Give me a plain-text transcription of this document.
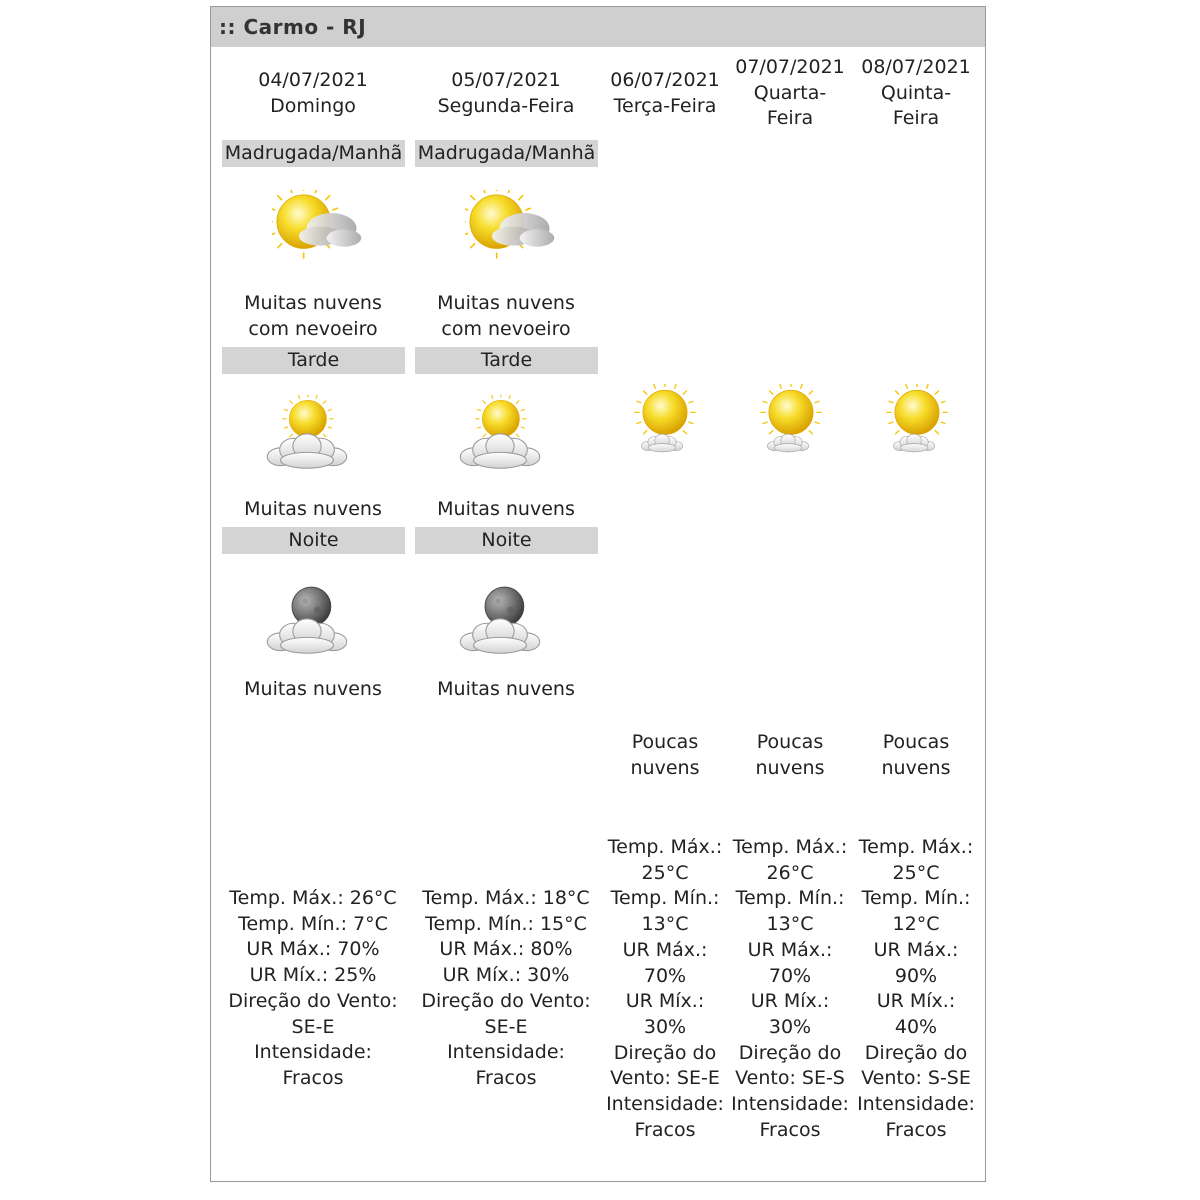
:: Carmo - RJ
04/07/2021
Domingo
Madrugada/Manhã
Muitas nuvens
com nevoeiro
Tarde
Muitas nuvens
Noite
Muitas nuvens
Temp. Máx.: 26°C
Temp. Mín.: 7°C
UR Máx.: 70%
UR Míx.: 25%
Direção do Vento:
SE-E
Intensidade:
Fracos
05/07/2021
Segunda-Feira
Madrugada/Manhã
Muitas nuvens
com nevoeiro
Tarde
Muitas nuvens
Noite
Muitas nuvens
Temp. Máx.: 18°C
Temp. Mín.: 15°C
UR Máx.: 80%
UR Míx.: 30%
Direção do Vento:
SE-E
Intensidade:
Fracos
06/07/2021
Terça-Feira
Poucas
nuvens
Temp. Máx.:
25°C
Temp. Mín.:
13°C
UR Máx.:
70%
UR Míx.:
30%
Direção do
Vento: SE-E
Intensidade:
Fracos
07/07/2021
Quarta-
Feira
Poucas
nuvens
Temp. Máx.:
26°C
Temp. Mín.:
13°C
UR Máx.:
70%
UR Míx.:
30%
Direção do
Vento: SE-S
Intensidade:
Fracos
08/07/2021
Quinta-
Feira
Poucas
nuvens
Temp. Máx.:
25°C
Temp. Mín.:
12°C
UR Máx.:
90%
UR Míx.:
40%
Direção do
Vento: S-SE
Intensidade:
Fracos
